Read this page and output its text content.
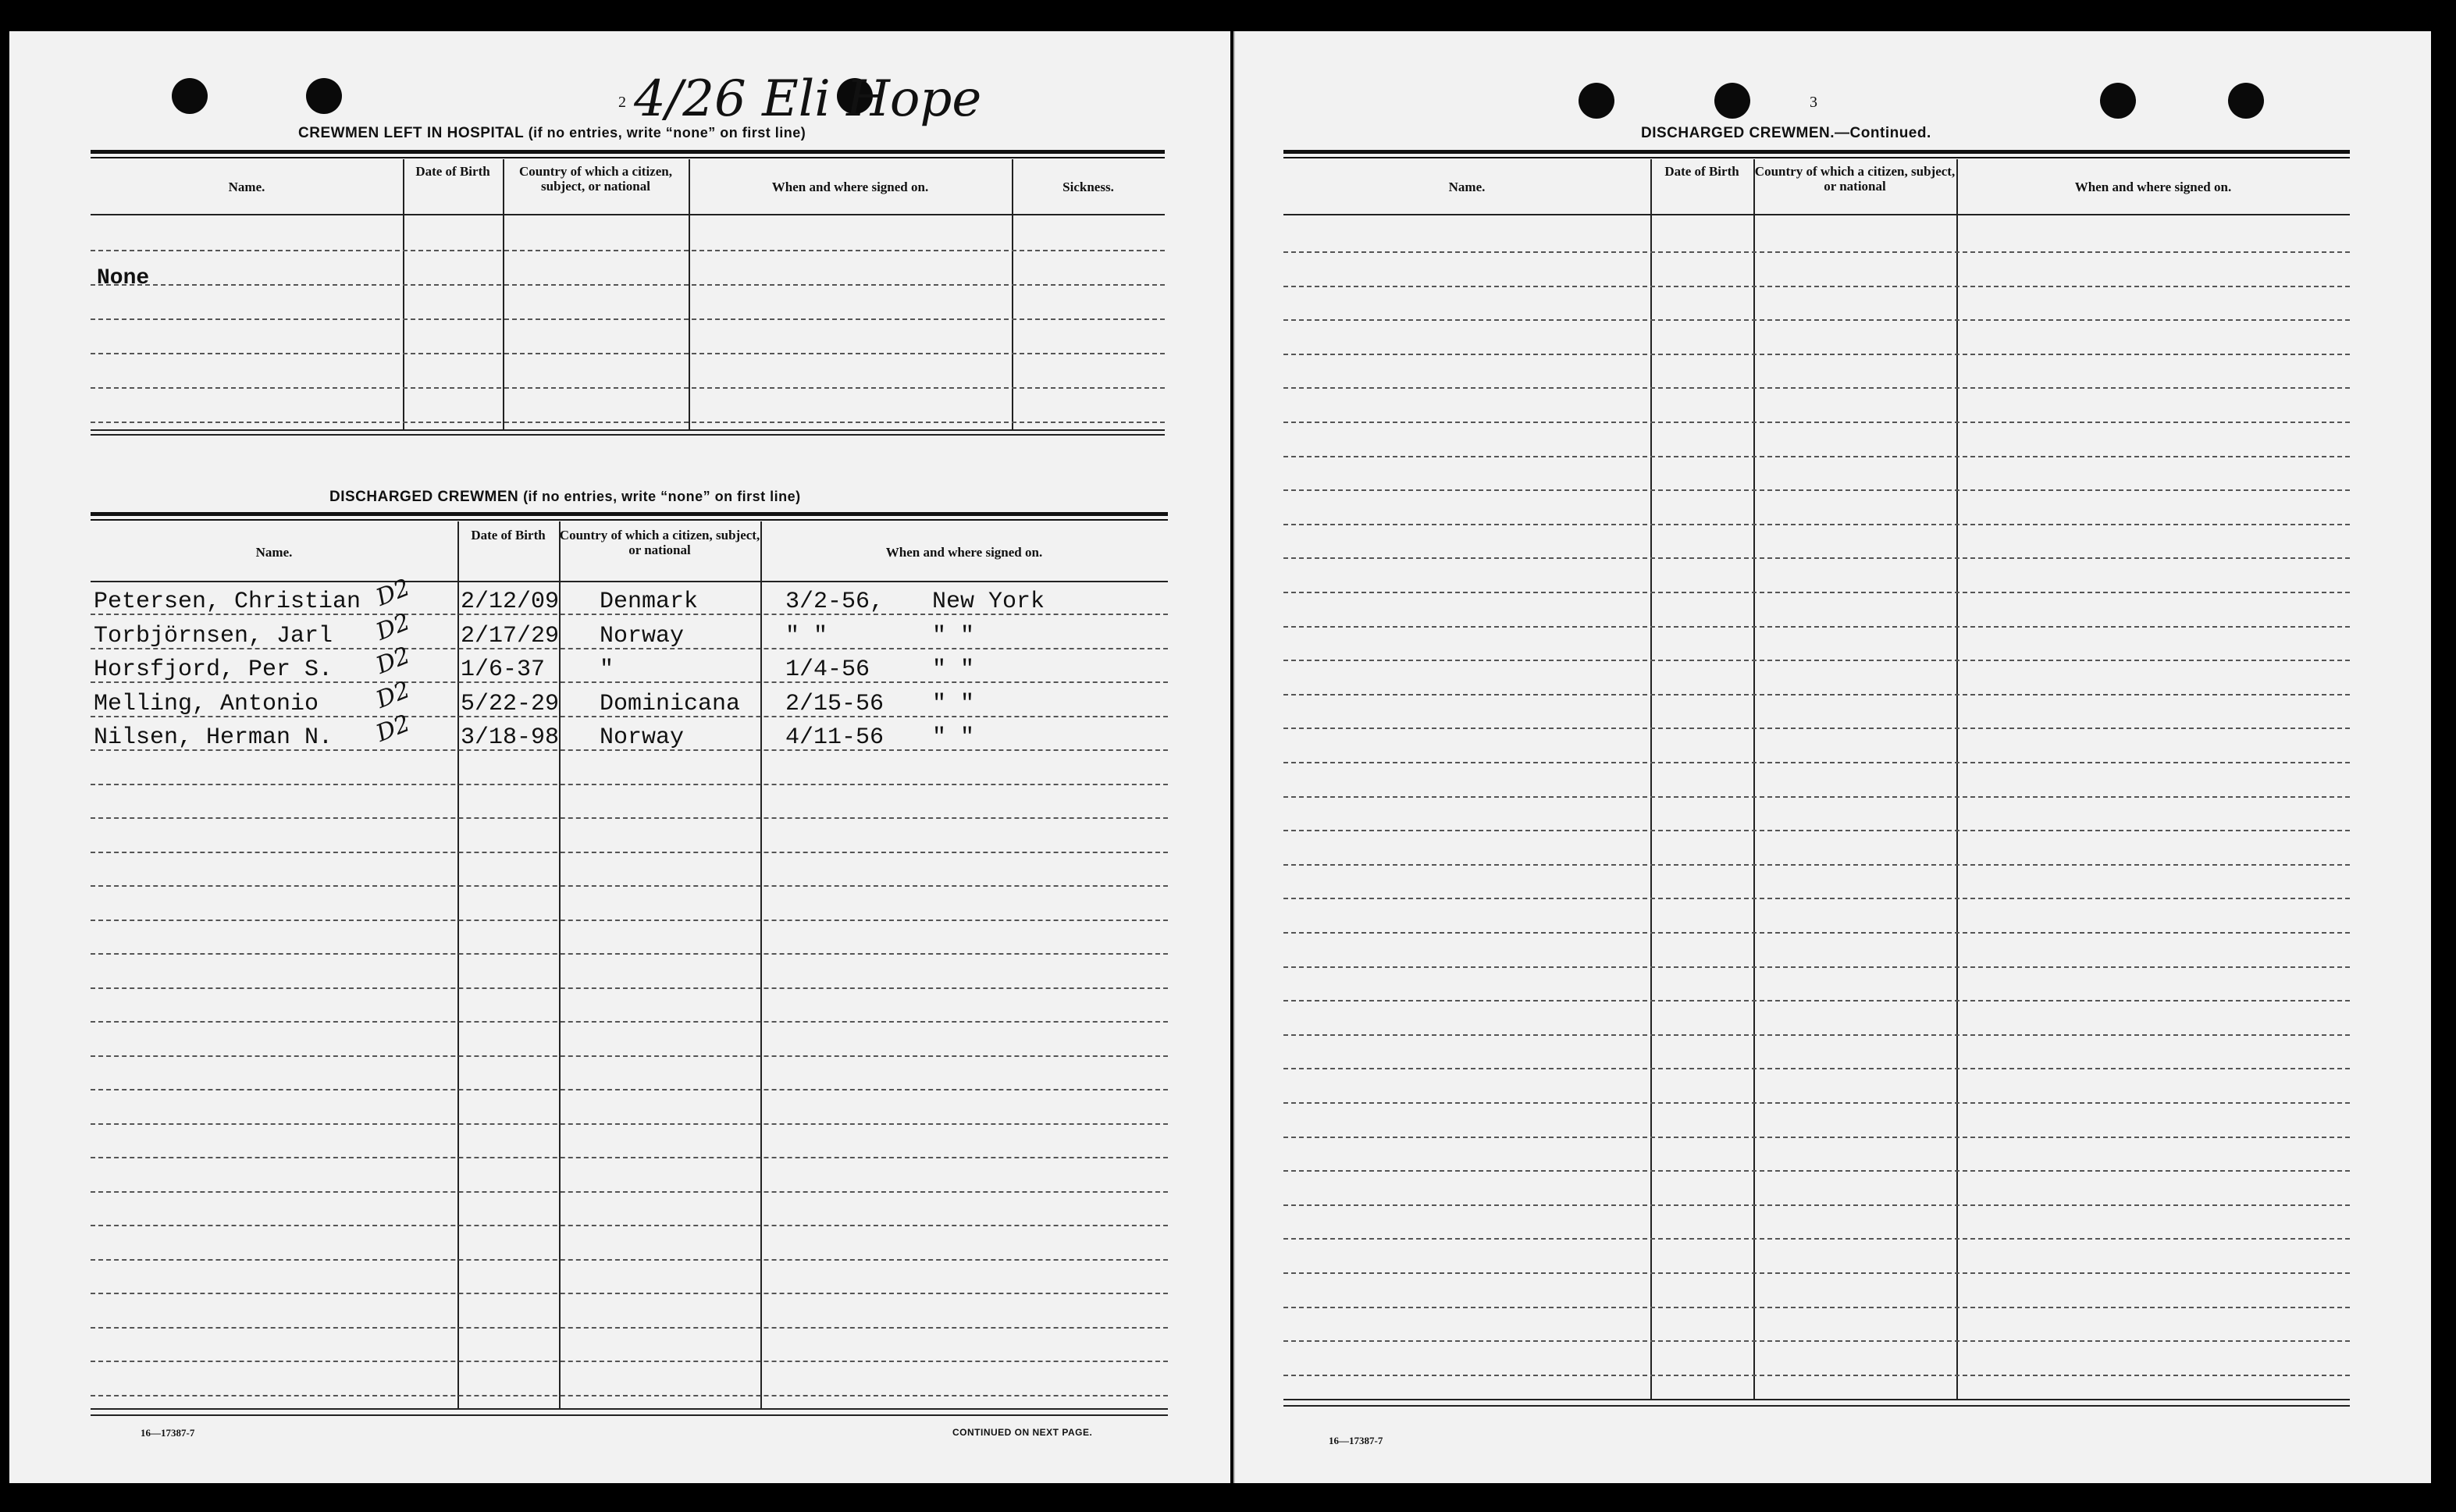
2 4/26 Eli Hope
CREWMEN LEFT IN HOSPITAL (if no entries, write “none” on first line)
Name.
Date of Birth	Country of which a citizen, subject, or national	When and where signed on.	Sickness.
None
DISCHARGED CREWMEN (if no entries, write “none” on first line)
Name.
Date of Birth	Country of which a citizen, subject, or national	When and where signed on.
Petersen, Christian	2/12/09 Denmark	3/2-56, New York
D2
Torbjörnsen, Jarl	2/17/29 Norway	" "	" "
D2
Horsfjord, Per S.	1/6-37 "	1/4-56	" "
D2
Melling, Antonio	5/22-29 Dominicana 2/15-56 " "
D2
Nilsen, Herman N.	3/18-98 Norway	4/11-56 " "
D2
16—17387-7	CONTINUED ON NEXT PAGE.
3
DISCHARGED CREWMEN.—Continued.
Name.
Date of Birth	Country of which a citizen, subject, or national	When and where signed on.
16—17387-7
